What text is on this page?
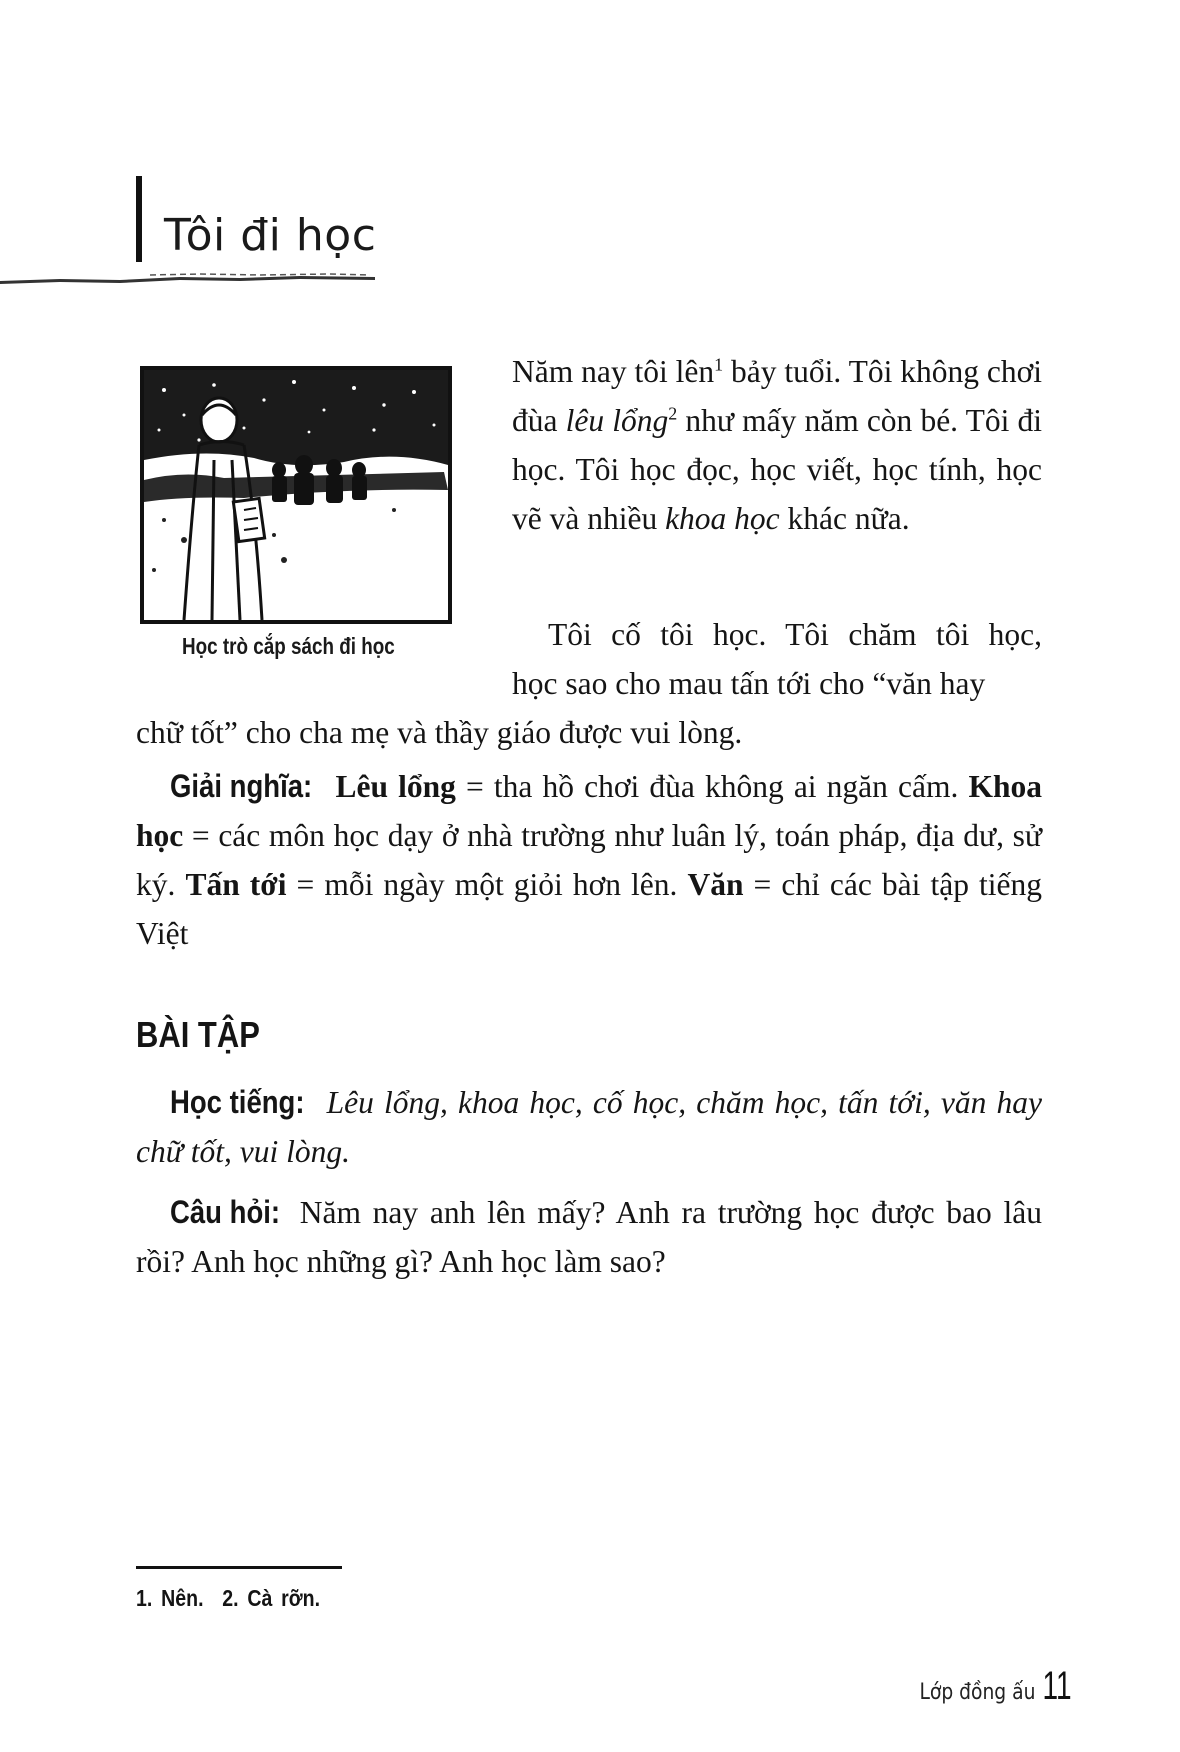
Tôi đi học
Học trò cắp sách đi học
Năm nay tôi lên$^1$ bảy tuổi. Tôi không chơi đùa lêu lổng$^2$ như mấy năm còn bé. Tôi đi học. Tôi học đọc, học viết, học tính, học vẽ và nhiều khoa học khác nữa.
Tôi cố tôi học. Tôi chăm tôi học,
học sao cho mau tấn tới cho “văn hay
chữ tốt” cho cha mẹ và thầy giáo được vui lòng.
Giải nghĩa: Lêu lổng = tha hồ chơi đùa không ai ngăn cấm. Khoa học = các môn học dạy ở nhà trường như luân lý, toán pháp, địa dư, sử ký. Tấn tới = mỗi ngày một giỏi hơn lên. Văn = chỉ các bài tập tiếng Việt
BÀI TẬP
Học tiếng: Lêu lổng, khoa học, cố học, chăm học, tấn tới, văn hay chữ tốt, vui lòng.
Câu hỏi: Năm nay anh lên mấy? Anh ra trường học được bao lâu rồi? Anh học những gì? Anh học làm sao?
1. Nên. 2. Cà rỡn.
Lớp đồng ấu 11
